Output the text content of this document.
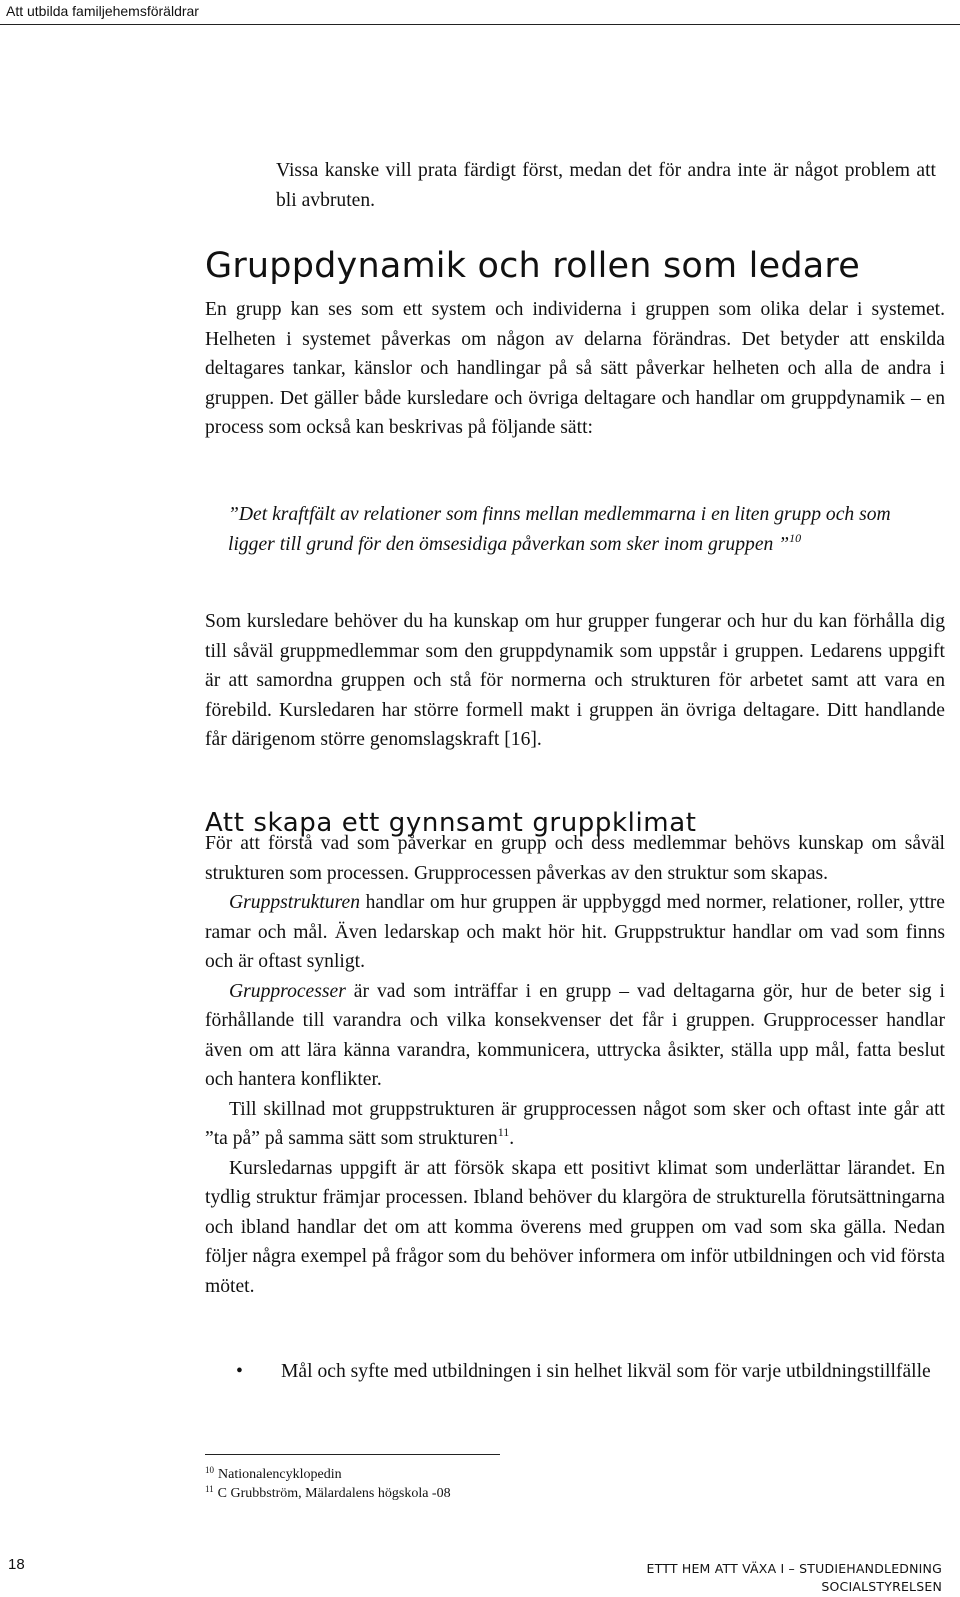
Att utbilda familjehemsföräldrar

Vissa kanske vill prata färdigt först, medan det för andra inte är något problem att bli avbruten.

Gruppdynamik och rollen som ledare

En grupp kan ses som ett system och individerna i gruppen som olika delar i systemet. Helheten i systemet påverkas om någon av delarna förändras. Det betyder att enskilda deltagares tankar, känslor och handlingar på så sätt påverkar helheten och alla de andra i gruppen. Det gäller både kursledare och övriga deltagare och handlar om gruppdynamik – en process som också kan beskrivas på följande sätt:

”Det kraftfält av relationer som finns mellan medlemmarna i en liten grupp och som ligger till grund för den ömsesidiga påverkan som sker inom gruppen ”$^{10}$

Som kursledare behöver du ha kunskap om hur grupper fungerar och hur du kan förhålla dig till såväl gruppmedlemmar som den gruppdynamik som uppstår i gruppen. Ledarens uppgift är att samordna gruppen och stå för normerna och strukturen för arbetet samt att vara en förebild. Kursledaren har större formell makt i gruppen än övriga deltagare. Ditt handlande får därigenom större genomslagskraft [16].

Att skapa ett gynnsamt gruppklimat

För att förstå vad som påverkar en grupp och dess medlemmar behövs kunskap om såväl strukturen som processen. Grupprocessen påverkas av den struktur som skapas.

Gruppstrukturen handlar om hur gruppen är uppbyggd med normer, relationer, roller, yttre ramar och mål. Även ledarskap och makt hör hit. Gruppstruktur handlar om vad som finns och är oftast synligt.

Grupprocesser är vad som inträffar i en grupp – vad deltagarna gör, hur de beter sig i förhållande till varandra och vilka konsekvenser det får i gruppen. Grupprocesser handlar även om att lära känna varandra, kommunicera, uttrycka åsikter, ställa upp mål, fatta beslut och hantera konflikter.

Till skillnad mot gruppstrukturen är grupprocessen något som sker och oftast inte går att ”ta på” på samma sätt som strukturen$^{11}$.

Kursledarnas uppgift är att försök skapa ett positivt klimat som underlättar lärandet. En tydlig struktur främjar processen. Ibland behöver du klargöra de strukturella förutsättningarna och ibland handlar det om att komma överens med gruppen om vad som ska gälla. Nedan följer några exempel på frågor som du behöver informera om inför utbildningen och vid första mötet.

• Mål och syfte med utbildningen i sin helhet likväl som för varje utbildningstillfälle
$^{10}$ Nationalencyklopedin
$^{11}$ C Grubbström, Mälardalens högskola -08
18	ETTT HEM ATT VÄXA I – STUDIEHANDLEDNING
SOCIALSTYRELSEN
